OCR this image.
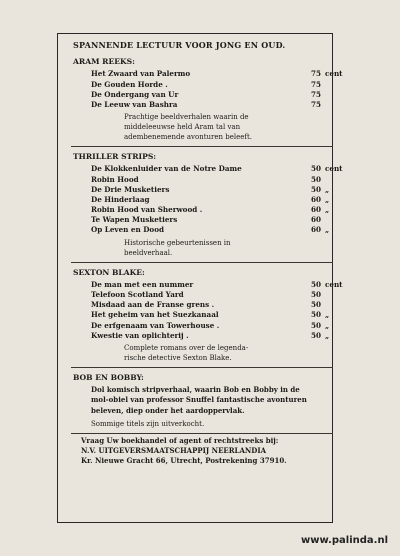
SPANNENDE LECTUUR VOOR JONG EN OUD.
ARAM REEKS:
Het Zwaard van Palermo	75 cent
De Gouden Horde .	75
De Ondergang van Ur	75
De Leeuw van Bashra	75
Prachtige beeldverhalen waarin de
middeleeuwse held Aram tal van
adembenemende avonturen beleeft.
THRILLER STRIPS:
De Klokkenluider van de Notre Dame	50 cent
Robin Hood	50
De Drie Musketiers	50 „
De Hinderlaag	60 „
Robin Hood van Sherwood .	60 „
Te Wapen Musketiers	60
Op Leven en Dood	60 „
Historische gebeurtenissen in
beeldverhaal.
SEXTON BLAKE:
De man met een nummer	50 cent
Telefoon Scotland Yard	50
Misdaad aan de Franse grens .	50
Het geheim van het Suezkanaal	50 „
De erfgenaam van Towerhouse .	50 „
Kwestie van oplichterij .	50 „
Complete romans over de legenda-
rische detective Sexton Blake.
BOB EN BOBBY:
Dol komisch stripverhaal, waarin Bob en Bobby in de
mol-obiel van professor Snuffel fantastische avonturen
beleven, diep onder het aardoppervlak.
Sommige titels zijn uitverkocht.
Vraag Uw boekhandel of agent of rechtstreeks bij:
N.V. UITGEVERSMAATSCHAPPIJ NEERLANDIA
Kr. Nieuwe Gracht 66, Utrecht, Postrekening 37910.
www.palinda.nl
